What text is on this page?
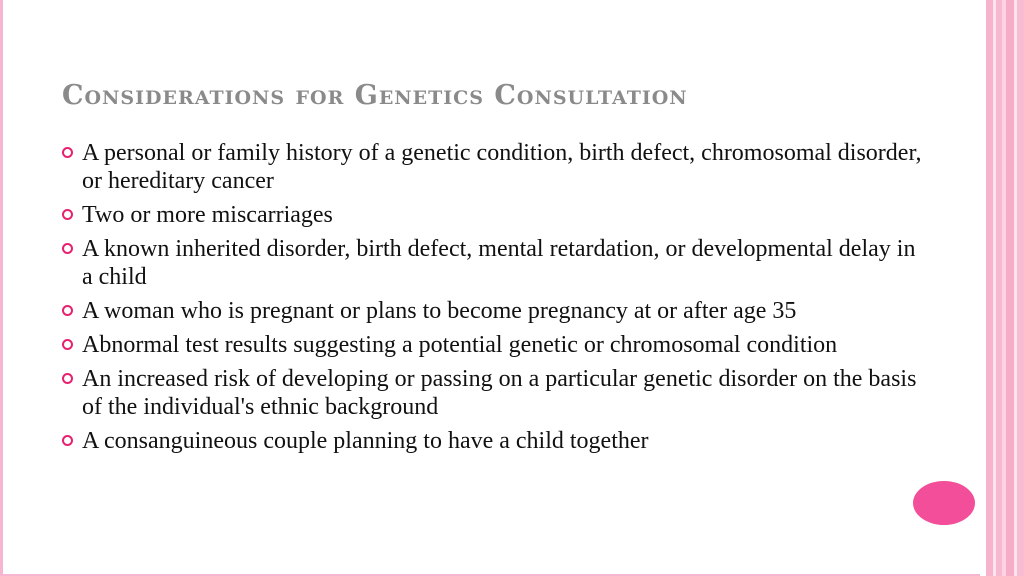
Considerations for Genetics Consultation
A personal or family history of a genetic condition, birth defect, chromosomal disorder, or hereditary cancer
Two or more miscarriages
A known inherited disorder, birth defect, mental retardation, or developmental delay in a child
A woman who is pregnant or plans to become pregnancy at or after age 35
Abnormal test results suggesting a potential genetic or chromosomal condition
An increased risk of developing or passing on a particular genetic disorder on the basis of the individual's ethnic background
A consanguineous couple planning to have a child together
